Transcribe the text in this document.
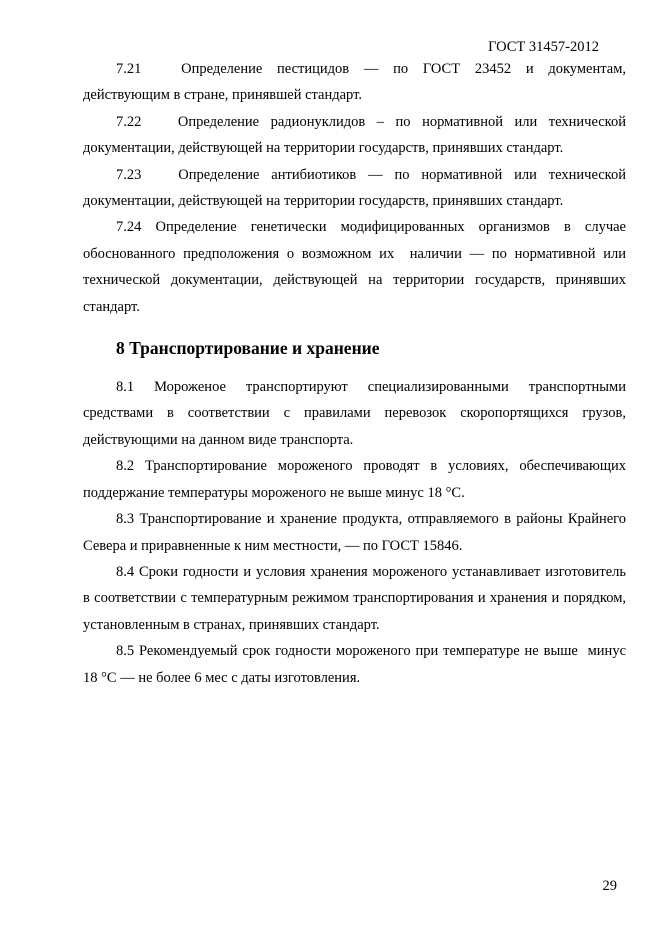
ГОСТ 31457-2012

7.21	Определение пестицидов — по ГОСТ 23452 и документам, действующим в стране, принявшей стандарт.

7.22	Определение радионуклидов – по нормативной или технической документации, действующей на территории государств, принявших стандарт.

7.23	Определение антибиотиков — по нормативной или технической документации, действующей на территории государств, принявших стандарт.

7.24 Определение генетически модифицированных организмов в случае обоснованного предположения о возможном их  наличии — по нормативной или технической документации, действующей на территории государств, принявших стандарт.

8 Транспортирование и хранение

8.1 Мороженое транспортируют специализированными транспортными средствами в соответствии с правилами перевозок скоропортящихся грузов, действующими на данном виде транспорта.

8.2 Транспортирование мороженого проводят в условиях, обеспечивающих поддержание температуры мороженого не выше минус 18 °С.

8.3 Транспортирование и хранение продукта, отправляемого в районы Крайнего Севера и приравненные к ним местности, — по ГОСТ 15846.

8.4 Сроки годности и условия хранения мороженого устанавливает изготовитель в соответствии с температурным режимом транспортирования и хранения и порядком, установленным в странах, принявших стандарт.

8.5 Рекомендуемый срок годности мороженого при температуре не выше  минус 18 °С — не более 6 мес с даты изготовления.

29
